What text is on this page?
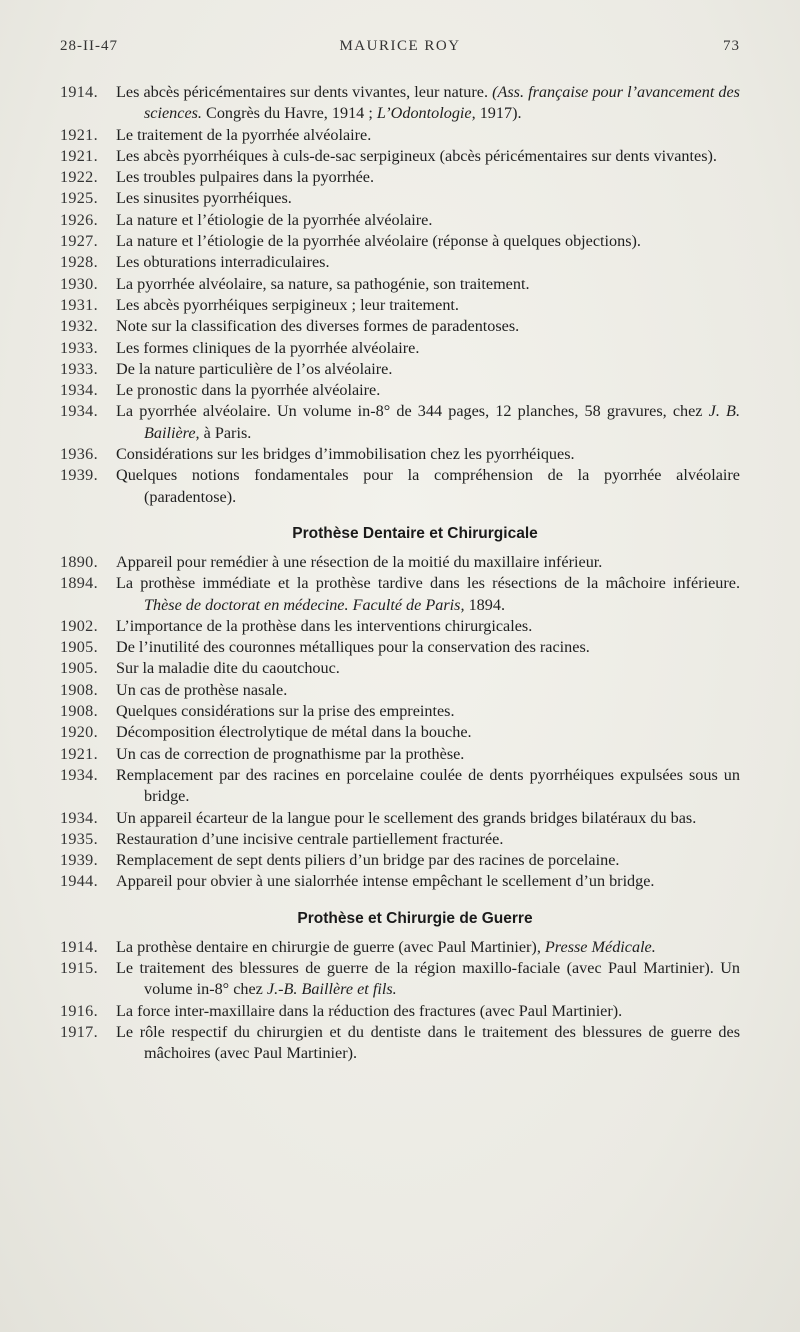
28-II-47	MAURICE ROY	73
1914.	Les abcès péricémentaires sur dents vivantes, leur nature. (Ass. française pour l’avancement des sciences. Congrès du Havre, 1914 ; L’Odontologie, 1917).
1921.	Le traitement de la pyorrhée alvéolaire.
1921.	Les abcès pyorrhéiques à culs-de-sac serpigineux (abcès péricémentaires sur dents vivantes).
1922.	Les troubles pulpaires dans la pyorrhée.
1925.	Les sinusites pyorrhéiques.
1926.	La nature et l’étiologie de la pyorrhée alvéolaire.
1927.	La nature et l’étiologie de la pyorrhée alvéolaire (réponse à quelques objections).
1928.	Les obturations interradiculaires.
1930.	La pyorrhée alvéolaire, sa nature, sa pathogénie, son traitement.
1931.	Les abcès pyorrhéiques serpigineux ; leur traitement.
1932.	Note sur la classification des diverses formes de paradentoses.
1933.	Les formes cliniques de la pyorrhée alvéolaire.
1933.	De la nature particulière de l’os alvéolaire.
1934.	Le pronostic dans la pyorrhée alvéolaire.
1934.	La pyorrhée alvéolaire. Un volume in-8° de 344 pages, 12 planches, 58 gravures, chez J. B. Bailière, à Paris.
1936.	Considérations sur les bridges d’immobilisation chez les pyorrhéiques.
1939.	Quelques notions fondamentales pour la compréhension de la pyorrhée alvéolaire (paradentose).
Prothèse Dentaire et Chirurgicale
1890.	Appareil pour remédier à une résection de la moitié du maxillaire inférieur.
1894.	La prothèse immédiate et la prothèse tardive dans les résections de la mâchoire inférieure. Thèse de doctorat en médecine. Faculté de Paris, 1894.
1902.	L’importance de la prothèse dans les interventions chirurgicales.
1905.	De l’inutilité des couronnes métalliques pour la conservation des racines.
1905.	Sur la maladie dite du caoutchouc.
1908.	Un cas de prothèse nasale.
1908.	Quelques considérations sur la prise des empreintes.
1920.	Décomposition électrolytique de métal dans la bouche.
1921.	Un cas de correction de prognathisme par la prothèse.
1934.	Remplacement par des racines en porcelaine coulée de dents pyorrhéiques expulsées sous un bridge.
1934.	Un appareil écarteur de la langue pour le scellement des grands bridges bilatéraux du bas.
1935.	Restauration d’une incisive centrale partiellement fracturée.
1939.	Remplacement de sept dents piliers d’un bridge par des racines de porcelaine.
1944.	Appareil pour obvier à une sialorrhée intense empêchant le scellement d’un bridge.
Prothèse et Chirurgie de Guerre
1914.	La prothèse dentaire en chirurgie de guerre (avec Paul Martinier), Presse Médicale.
1915.	Le traitement des blessures de guerre de la région maxillo-faciale (avec Paul Martinier). Un volume in-8° chez J.-B. Baillère et fils.
1916.	La force inter-maxillaire dans la réduction des fractures (avec Paul Martinier).
1917.	Le rôle respectif du chirurgien et du dentiste dans le traitement des blessures de guerre des mâchoires (avec Paul Martinier).
